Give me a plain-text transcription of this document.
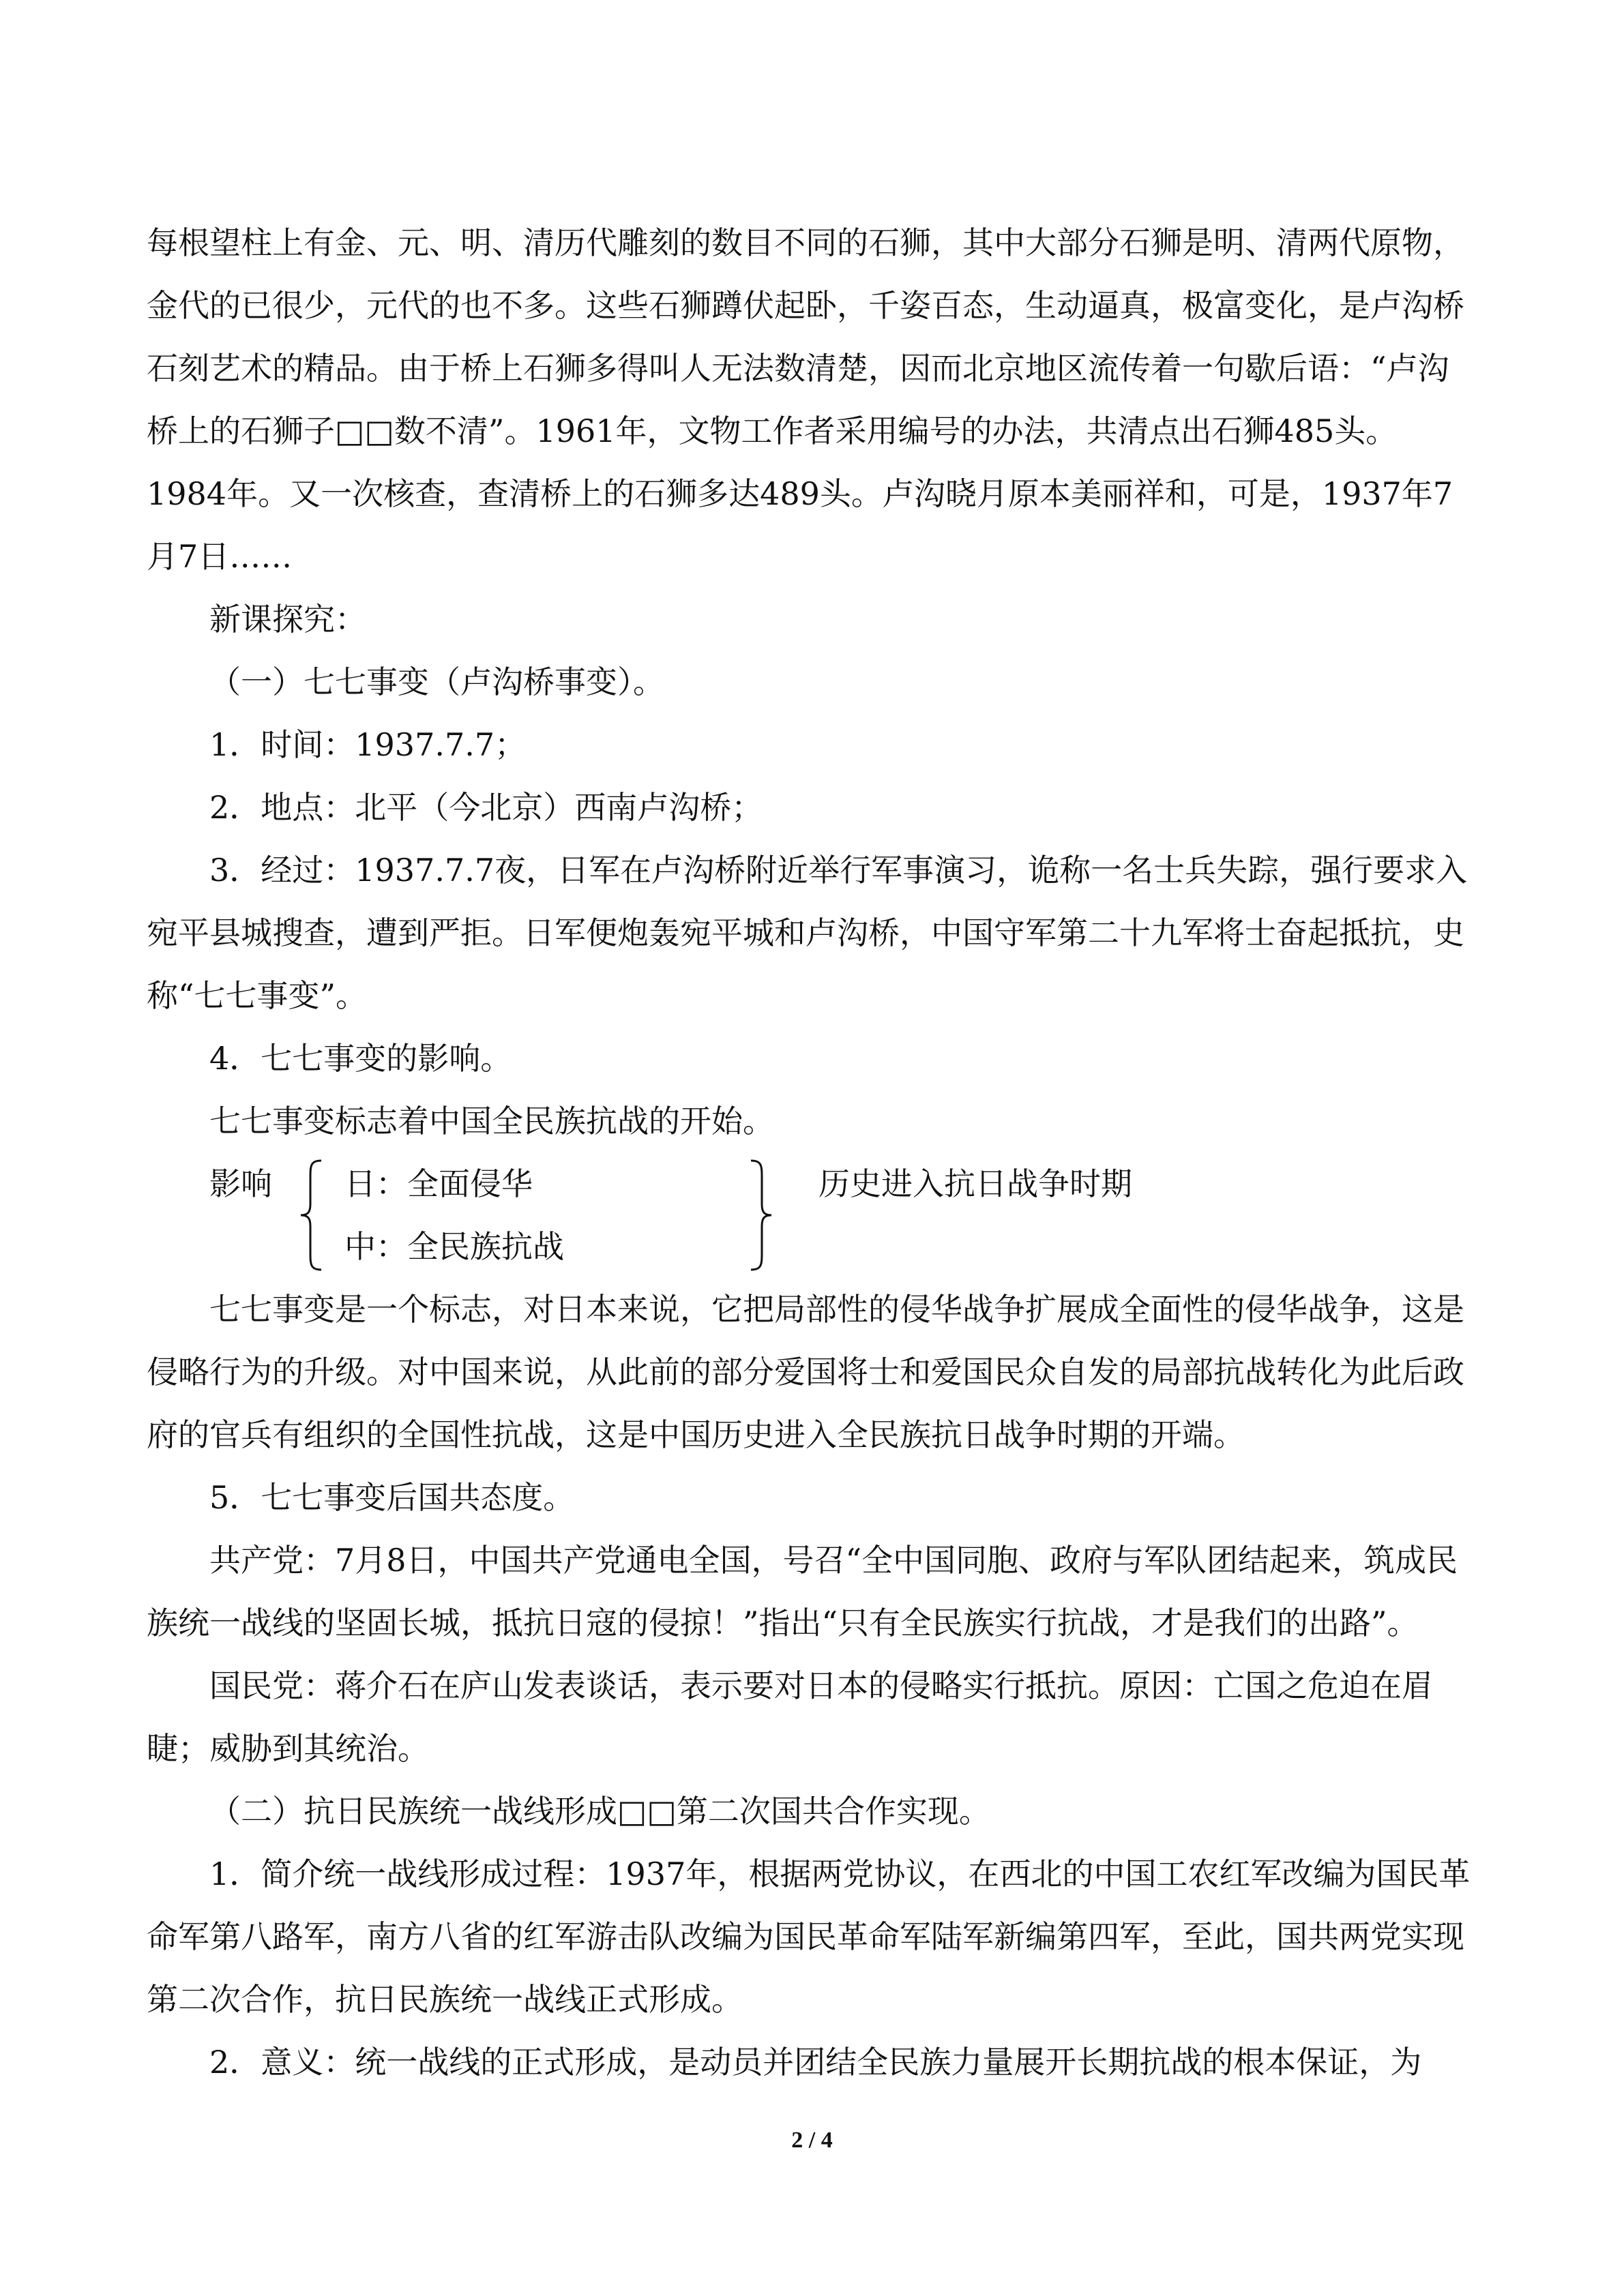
每根望柱上有金、元、明、清历代雕刻的数目不同的石狮，其中大部分石狮是明、清两代原物，金代的已很少，元代的也不多。这些石狮蹲伏起卧，千姿百态，生动逼真，极富变化，是卢沟桥石刻艺术的精品。由于桥上石狮多得叫人无法数清楚，因而北京地区流传着一句歇后语：“卢沟桥上的石狮子□□数不清”。1961年，文物工作者采用编号的办法，共清点出石狮485头。1984年。又一次核查，查清桥上的石狮多达489头。卢沟晓月原本美丽祥和，可是，1937年7月7日……

新课探究：

（一）七七事变（卢沟桥事变）。

1．时间：1937.7.7；

2．地点：北平（今北京）西南卢沟桥；

3．经过：1937.7.7夜，日军在卢沟桥附近举行军事演习，诡称一名士兵失踪，强行要求入宛平县城搜查，遭到严拒。日军便炮轰宛平城和卢沟桥，中国守军第二十九军将士奋起抵抗，史称“七七事变”。

4．七七事变的影响。

七七事变标志着中国全民族抗战的开始。

影响 日：全面侵华
中：全民族抗战
历史进入抗日战争时期

七七事变是一个标志，对日本来说，它把局部性的侵华战争扩展成全面性的侵华战争，这是侵略行为的升级。对中国来说，从此前的部分爱国将士和爱国民众自发的局部抗战转化为此后政府的官兵有组织的全国性抗战，这是中国历史进入全民族抗日战争时期的开端。

5．七七事变后国共态度。

共产党：7月8日，中国共产党通电全国，号召“全中国同胞、政府与军队团结起来，筑成民族统一战线的坚固长城，抵抗日寇的侵掠！”指出“只有全民族实行抗战，才是我们的出路”。

国民党：蒋介石在庐山发表谈话，表示要对日本的侵略实行抵抗。原因：亡国之危迫在眉睫；威胁到其统治。

（二）抗日民族统一战线形成□□第二次国共合作实现。

1．简介统一战线形成过程：1937年，根据两党协议，在西北的中国工农红军改编为国民革命军第八路军，南方八省的红军游击队改编为国民革命军陆军新编第四军，至此，国共两党实现第二次合作，抗日民族统一战线正式形成。

2．意义：统一战线的正式形成，是动员并团结全民族力量展开长期抗战的根本保证，为

2 / 4
